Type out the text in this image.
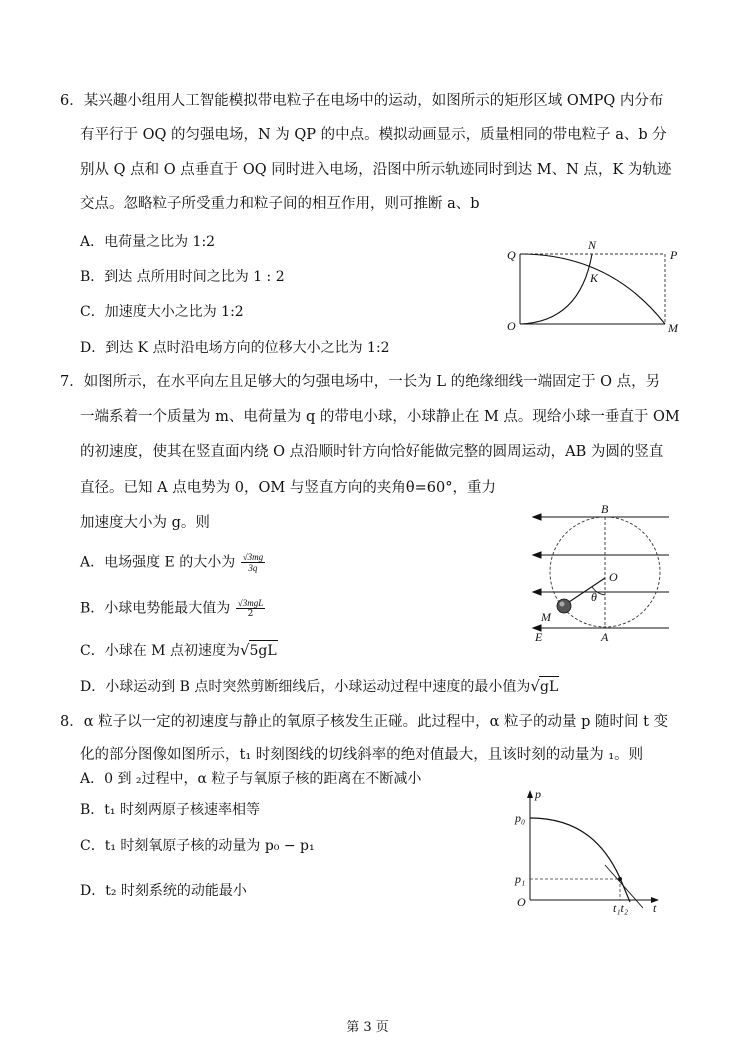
6．某兴趣小组用人工智能模拟带电粒子在电场中的运动，如图所示的矩形区域 OMPQ 内分布
有平行于 OQ 的匀强电场，N 为 QP 的中点。模拟动画显示，质量相同的带电粒子 a、b 分
别从 Q 点和 O 点垂直于 OQ 同时进入电场，沿图中所示轨迹同时到达 M、N 点，K 为轨迹
交点。忽略粒子所受重力和粒子间的相互作用，则可推断 a、b
A．电荷量之比为 1:2
B．到达 点所用时间之比为 1 : 2
C．加速度大小之比为 1:2
D．到达 K 点时沿电场方向的位移大小之比为 1:2
Q
N
P
K
O	M
7．如图所示，在水平向左且足够大的匀强电场中，一长为 L 的绝缘细线一端固定于 O 点，另
一端系着一个质量为 m、电荷量为 q 的带电小球，小球静止在 M 点。现给小球一垂直于 OM
的初速度，使其在竖直面内绕 O 点沿顺时针方向恰好能做完整的圆周运动，AB 为圆的竖直
直径。已知 A 点电势为 0，OM 与竖直方向的夹角θ=60°，重力
加速度大小为 g。则
A．电场强度 E 的大小为 $\frac{√3mg}{3q}$
B．小球电势能最大值为 $\frac{\text{√3mgL}}{2}$
C．小球在 M 点初速度为√5gL
D．小球运动到 B 点时突然剪断细线后，小球运动过程中速度的最小值为√gL
B
O
θ
M
E	A
8．α 粒子以一定的初速度与静止的氧原子核发生正碰。此过程中，α 粒子的动量 p 随时间 t 变
化的部分图像如图所示，t₁ 时刻图线的切线斜率的绝对值最大，且该时刻的动量为 ₁。则
A．0 到 ₂过程中，α 粒子与氧原子核的距离在不断减小
B．t₁ 时刻两原子核速率相等
C．t₁ 时刻氧原子核的动量为 p₀ − p₁
D．t₂ 时刻系统的动能最小
p
p₀
p₁
O	t₁t₂ t
第 3 页
